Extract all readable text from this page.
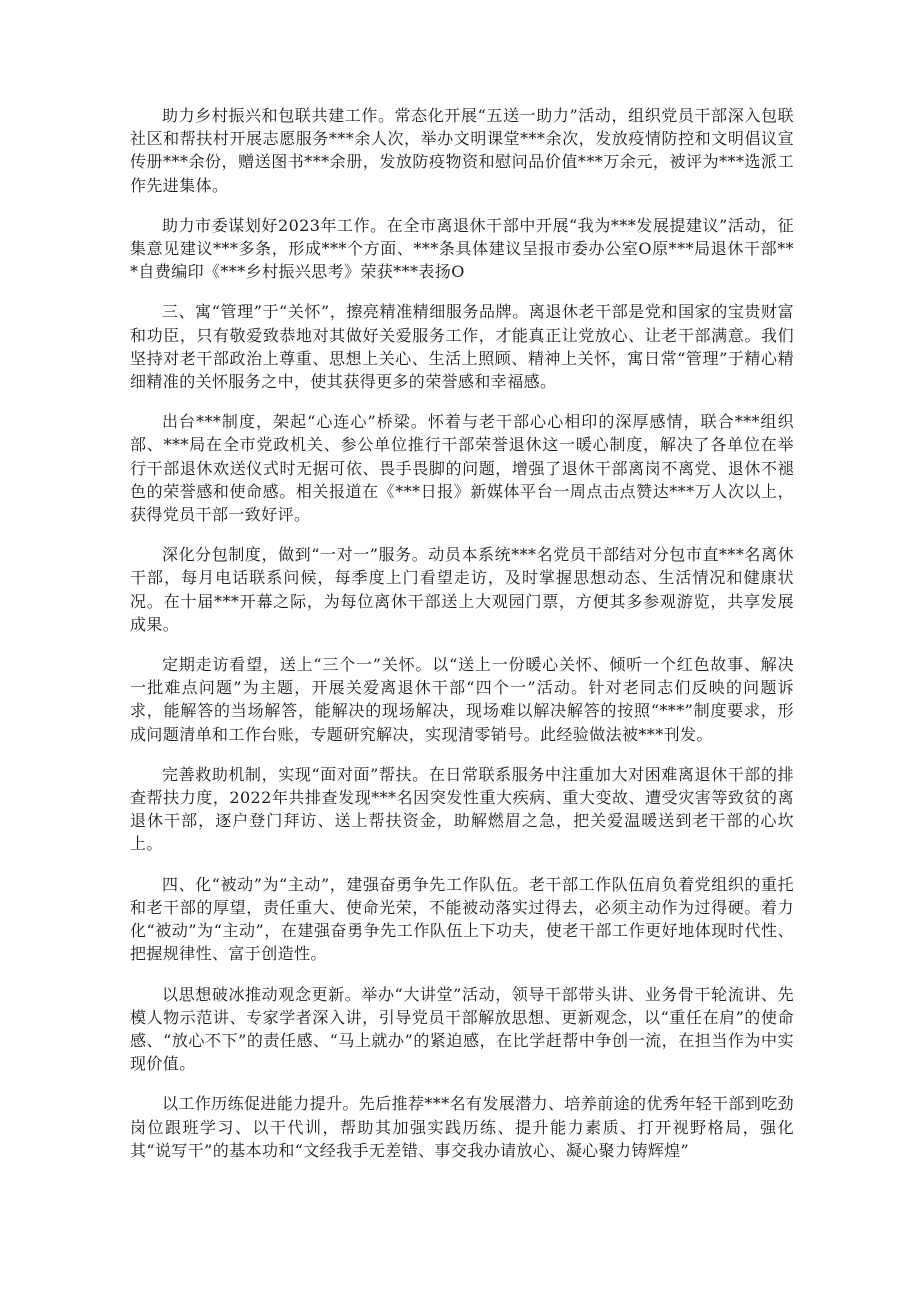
助力乡村振兴和包联共建工作。常态化开展“五送一助力”活动，组织党员干部深入包联社区和帮扶村开展志愿服务***余人次，举办文明课堂***余次，发放疫情防控和文明倡议宣传册***余份，赠送图书***余册，发放防疫物资和慰问品价值***万余元，被评为***选派工作先进集体。

助力市委谋划好2023年工作。在全市离退休干部中开展“我为***发展提建议”活动，征集意见建议***多条，形成***个方面、***条具体建议呈报市委办公室O原***局退休干部***自费编印《***乡村振兴思考》荣获***表扬O

三、寓“管理”于“关怀”，擦亮精准精细服务品牌。离退休老干部是党和国家的宝贵财富和功臣，只有敬爱致恭地对其做好关爱服务工作，才能真正让党放心、让老干部满意。我们坚持对老干部政治上尊重、思想上关心、生活上照顾、精神上关怀，寓日常“管理”于精心精细精准的关怀服务之中，使其获得更多的荣誉感和幸福感。

出台***制度，架起“心连心”桥梁。怀着与老干部心心相印的深厚感情，联合***组织部、***局在全市党政机关、参公单位推行干部荣誉退休这一暖心制度，解决了各单位在举行干部退休欢送仪式时无据可依、畏手畏脚的问题，增强了退休干部离岗不离党、退休不褪色的荣誉感和使命感。相关报道在《***日报》新媒体平台一周点击点赞达***万人次以上，获得党员干部一致好评。

深化分包制度，做到“一对一”服务。动员本系统***名党员干部结对分包市直***名离休干部，每月电话联系问候，每季度上门看望走访，及时掌握思想动态、生活情况和健康状况。在十届***开幕之际，为每位离休干部送上大观园门票，方便其多参观游览，共享发展成果。

定期走访看望，送上“三个一”关怀。以“送上一份暖心关怀、倾听一个红色故事、解决一批难点问题”为主题，开展关爱离退休干部“四个一”活动。针对老同志们反映的问题诉求，能解答的当场解答，能解决的现场解决，现场难以解决解答的按照“***”制度要求，形成问题清单和工作台账，专题研究解决，实现清零销号。此经验做法被***刊发。

完善救助机制，实现“面对面”帮扶。在日常联系服务中注重加大对困难离退休干部的排查帮扶力度，2022年共排查发现***名因突发性重大疾病、重大变故、遭受灾害等致贫的离退休干部，逐户登门拜访、送上帮扶资金，助解燃眉之急，把关爱温暖送到老干部的心坎上。

四、化“被动”为“主动”，建强奋勇争先工作队伍。老干部工作队伍肩负着党组织的重托和老干部的厚望，责任重大、使命光荣，不能被动落实过得去，必须主动作为过得硬。着力化“被动”为“主动”，在建强奋勇争先工作队伍上下功夫，使老干部工作更好地体现时代性、把握规律性、富于创造性。

以思想破冰推动观念更新。举办“大讲堂”活动，领导干部带头讲、业务骨干轮流讲、先模人物示范讲、专家学者深入讲，引导党员干部解放思想、更新观念，以“重任在肩”的使命感、“放心不下”的责任感、“马上就办”的紧迫感，在比学赶帮中争创一流，在担当作为中实现价值。

以工作历练促进能力提升。先后推荐***名有发展潜力、培养前途的优秀年轻干部到吃劲岗位跟班学习、以干代训，帮助其加强实践历练、提升能力素质、打开视野格局，强化其“说写干”的基本功和“文经我手无差错、事交我办请放心、凝心聚力铸辉煌”
